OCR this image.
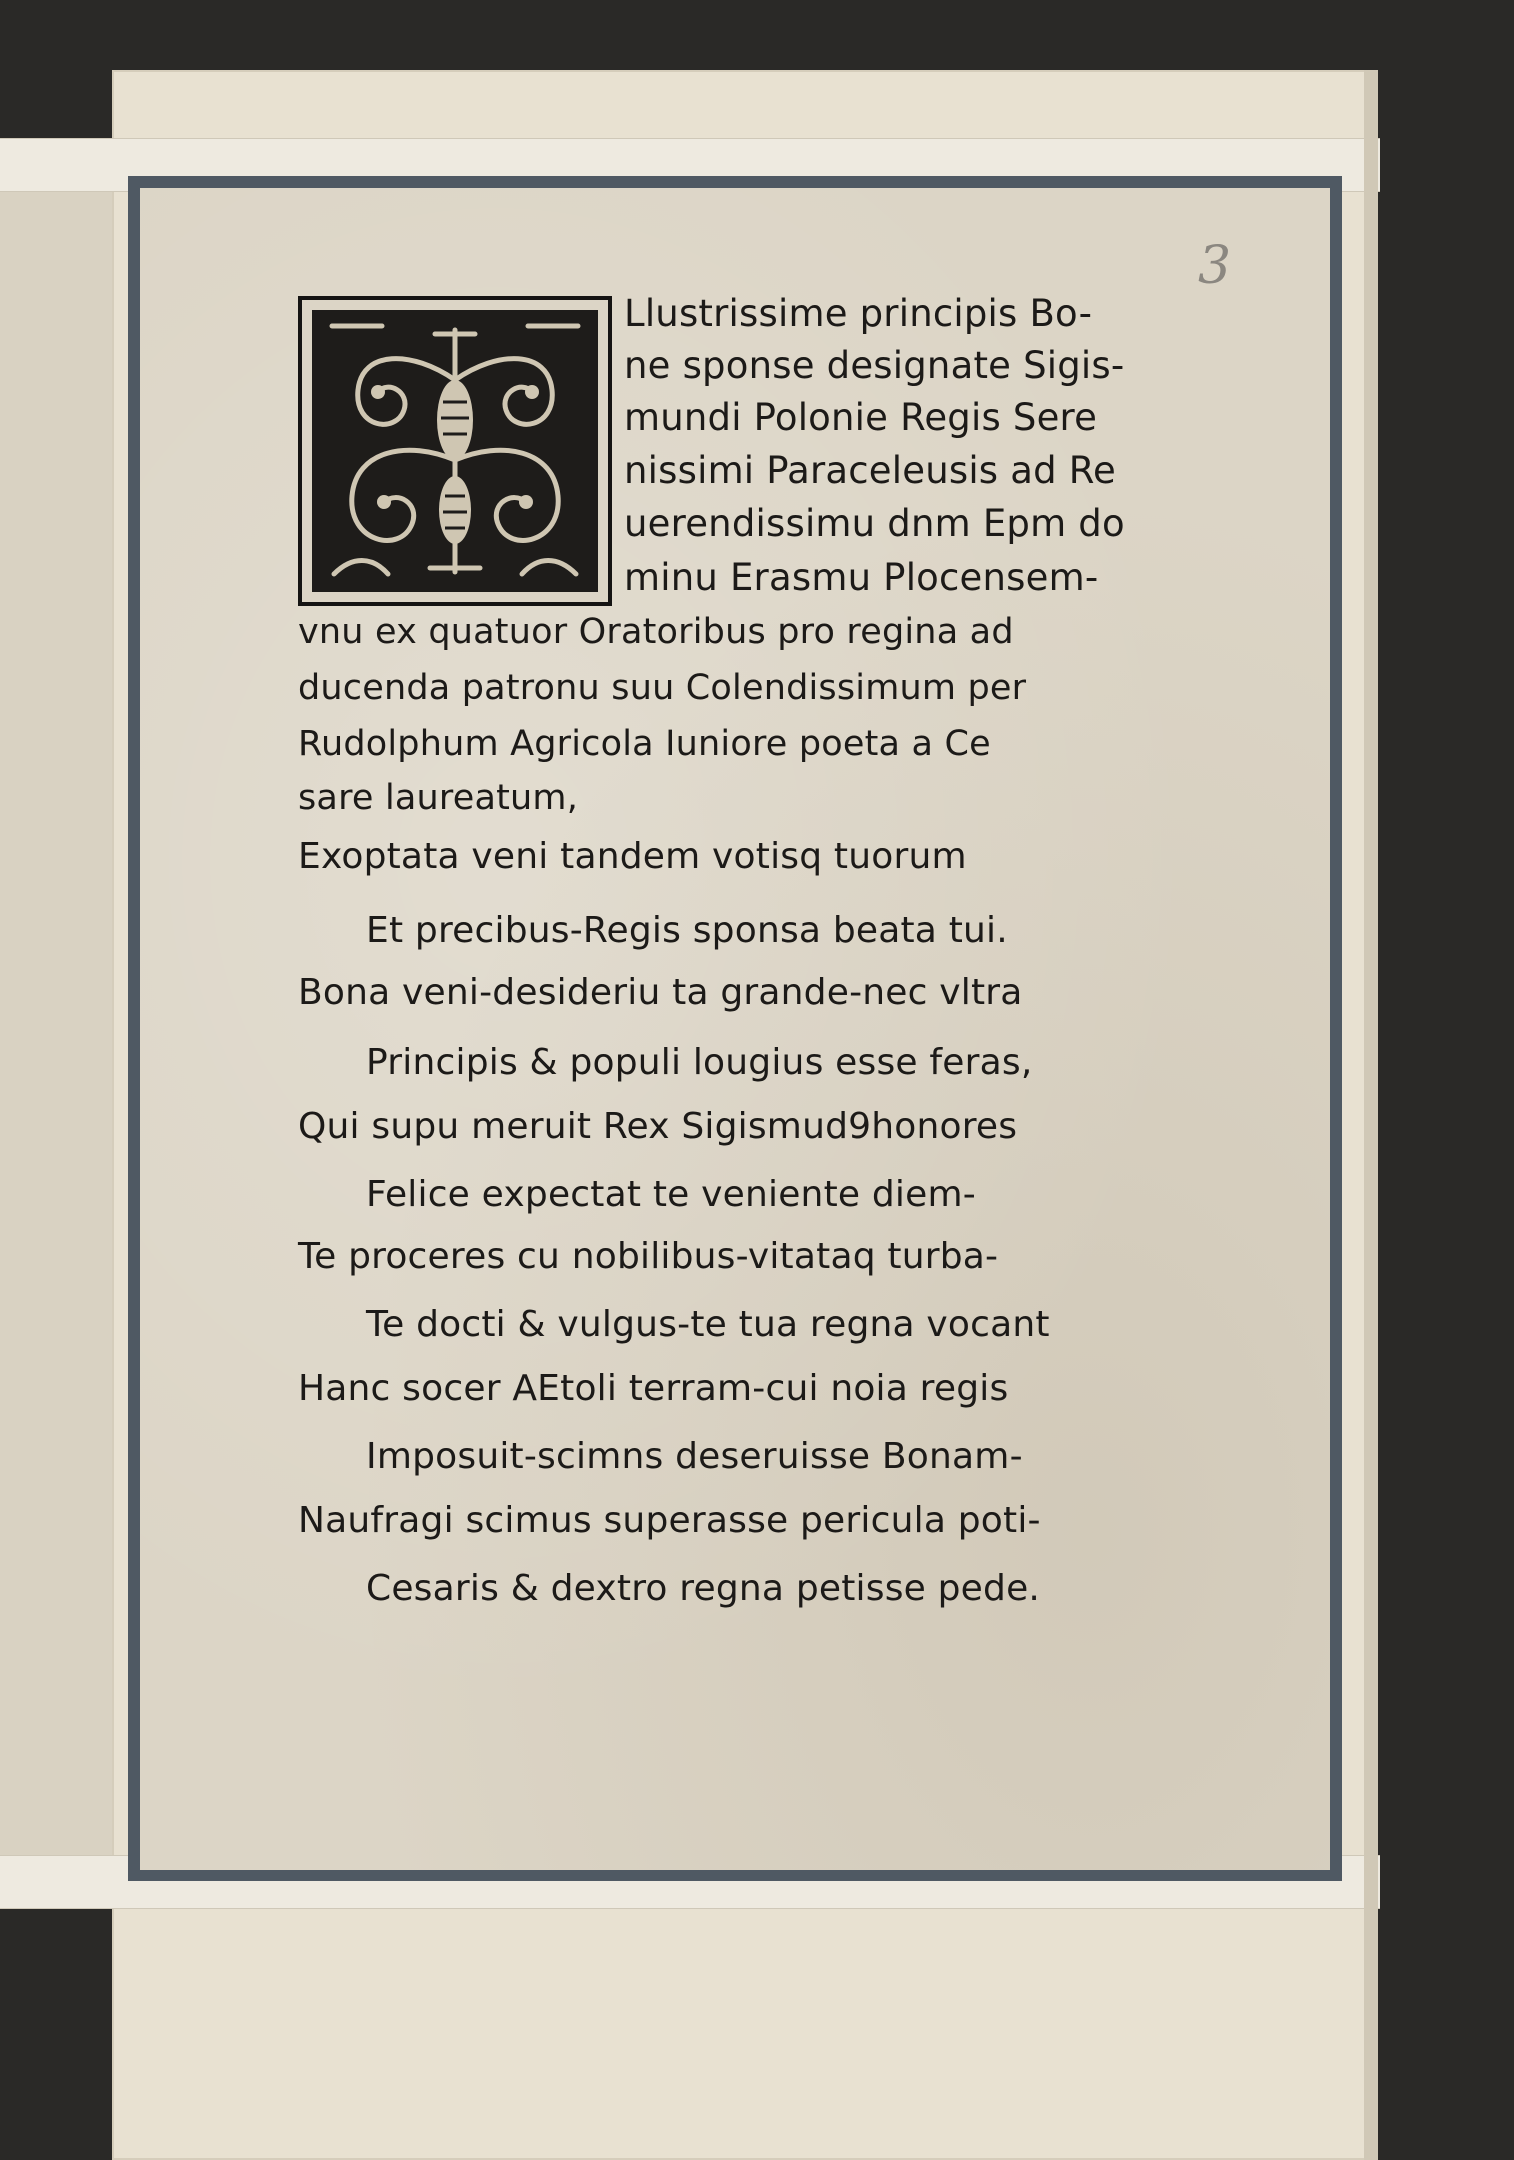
3
Llustrissime principis Bo-
ne sponse designate Sigis-
mundi Polonie Regis Sere
nissimi Paraceleusis ad Re
uerendissimu dnm Epm do
minu Erasmu Plocensem-
vnu ex quatuor Oratoribus pro regina ad
ducenda patronu suu Colendissimum per
Rudolphum Agricola Iuniore poeta a Ce
sare laureatum,
Exoptata veni tandem votisq tuorum
Et precibus-Regis sponsa beata tui.
Bona veni-desideriu ta grande-nec vltra
Principis & populi lougius esse feras,
Qui supu meruit Rex Sigismud9honores
Felice expectat te veniente diem-
Te proceres cu nobilibus-vitataq turba-
Te docti & vulgus-te tua regna vocant
Hanc socer AEtoli terram-cui noia regis
Imposuit-scimns deseruisse Bonam-
Naufragi scimus superasse pericula poti-
Cesaris & dextro regna petisse pede.
